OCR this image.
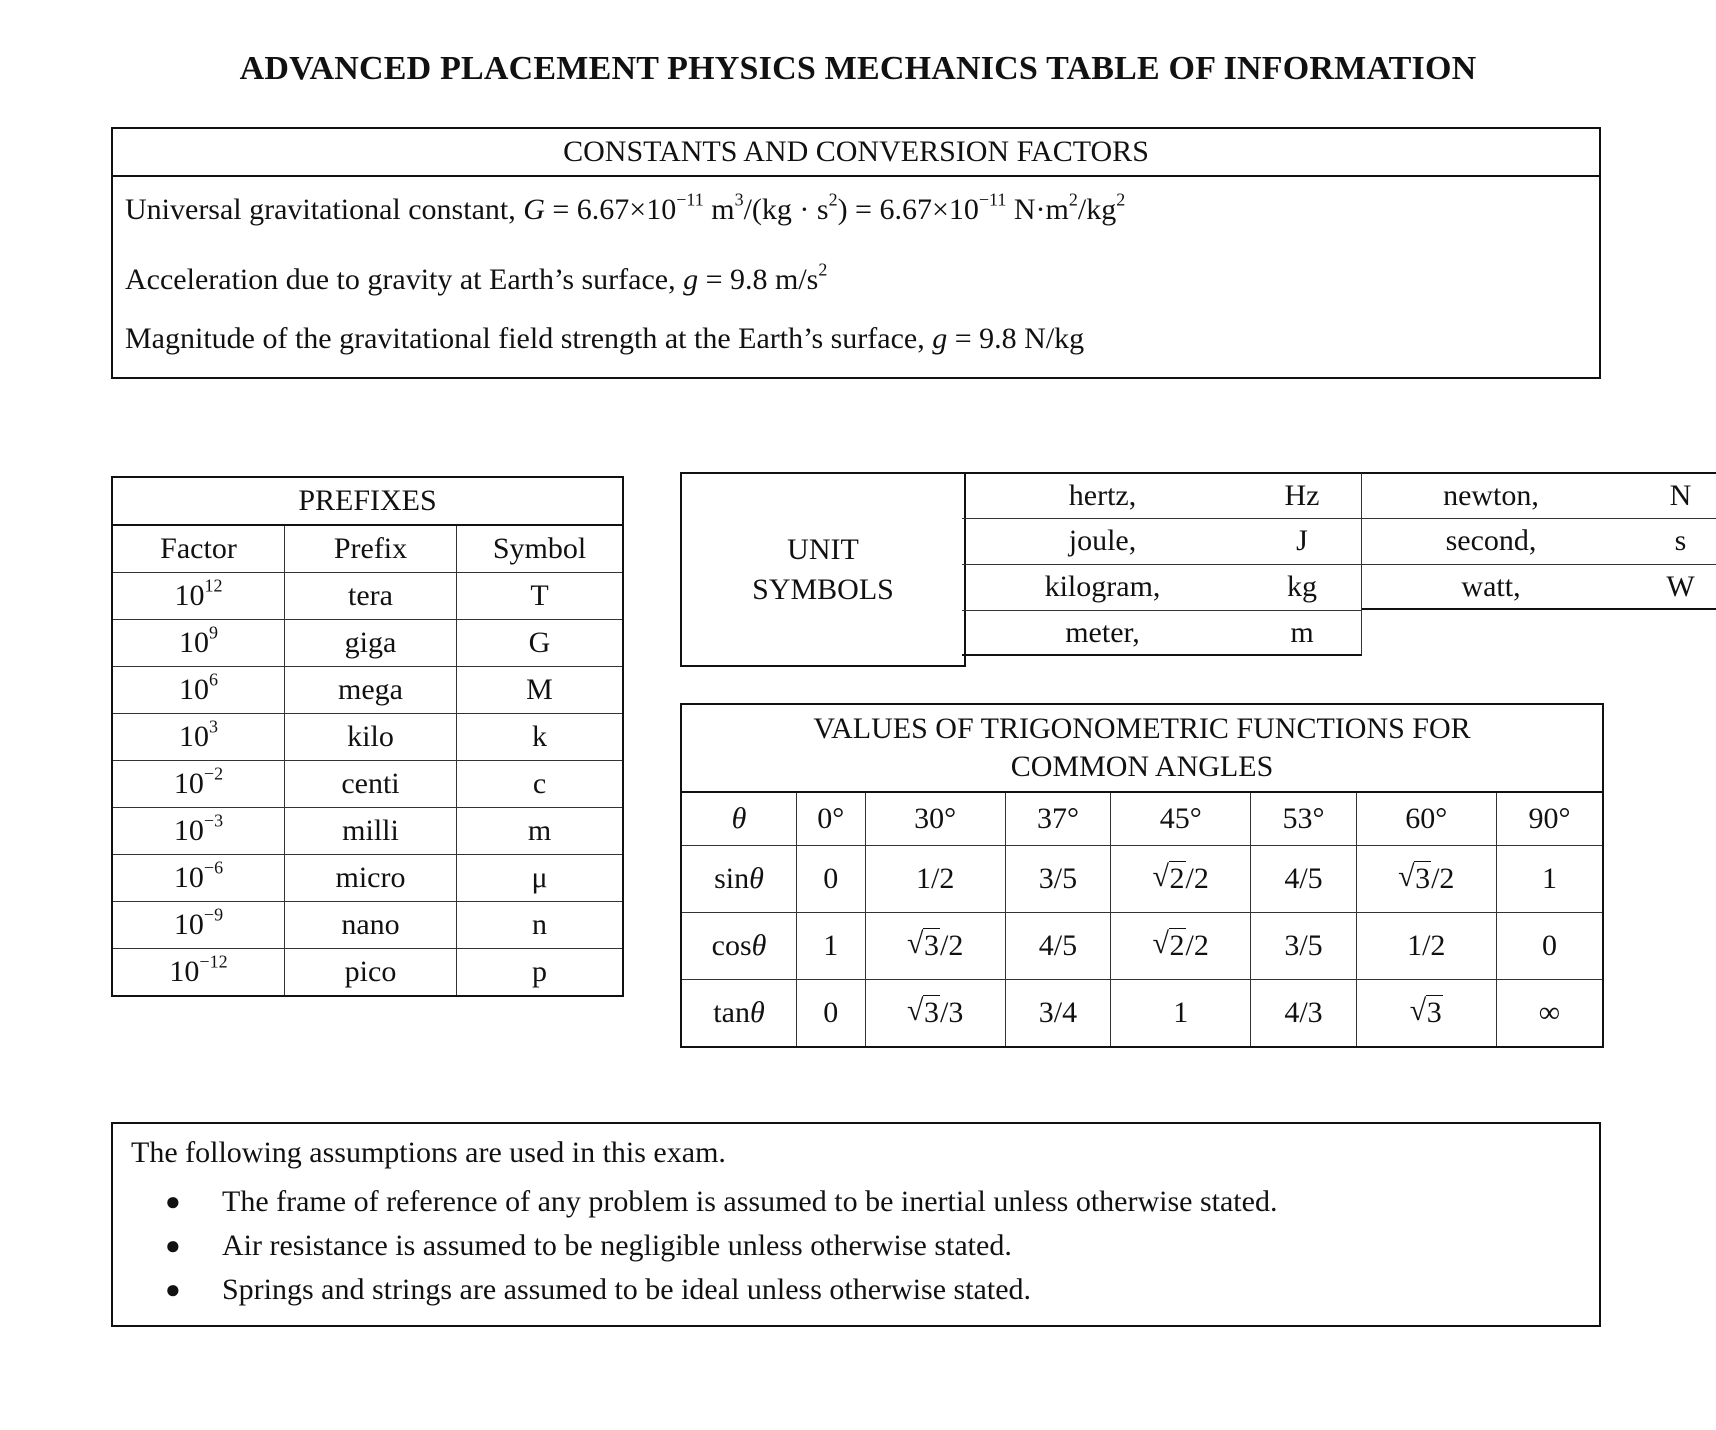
ADVANCED PLACEMENT PHYSICS MECHANICS TABLE OF INFORMATION
CONSTANTS AND CONVERSION FACTORS
Universal gravitational constant, $G = 6.67\times 10^{-11}$ $m^3/(kg \cdot s^2) = 6.67\times 10^{-11}$ $N\cdot m^2/kg^2$
Acceleration due to gravity at Earth’s surface, g = 9.8 $m/s^2$
Magnitude of the gravitational field strength at the Earth’s surface, g = 9.8 N/kg
PREFIXES		
Factor	Prefix	Symbol
$10^{12}$	tera	T
$10^9$	giga	G
$10^6$	mega	M
$10^3$	kilo	k
$10^{-2}$	centi	c
$10^{-3}$	milli	m
$10^{-6}$	micro	μ
$10^{-9}$	nano	n
$10^{-12}$	pico	p
UNIT
SYMBOLS
hertz,	Hz
joule,	J
kilogram,	kg
meter,	m
newton,	N
second,	s
watt,	W
VALUES OF TRIGONOMETRIC FUNCTIONS FOR
COMMON ANGLES							
θ	0°	30°	37°	45°	53°	60°	90°
sinθ	0	1/2	3/5	√ 2/2	4/5	√ 3/2	1
cosθ	1	√ 3/2	4/5	√ 2/2	3/5	1/2	0
tanθ	0	√ 3/3	3/4	1	4/3	√ 3	∞
The following assumptions are used in this exam.
● The frame of reference of any problem is assumed to be inertial unless otherwise stated.
● Air resistance is assumed to be negligible unless otherwise stated.
● Springs and strings are assumed to be ideal unless otherwise stated.
